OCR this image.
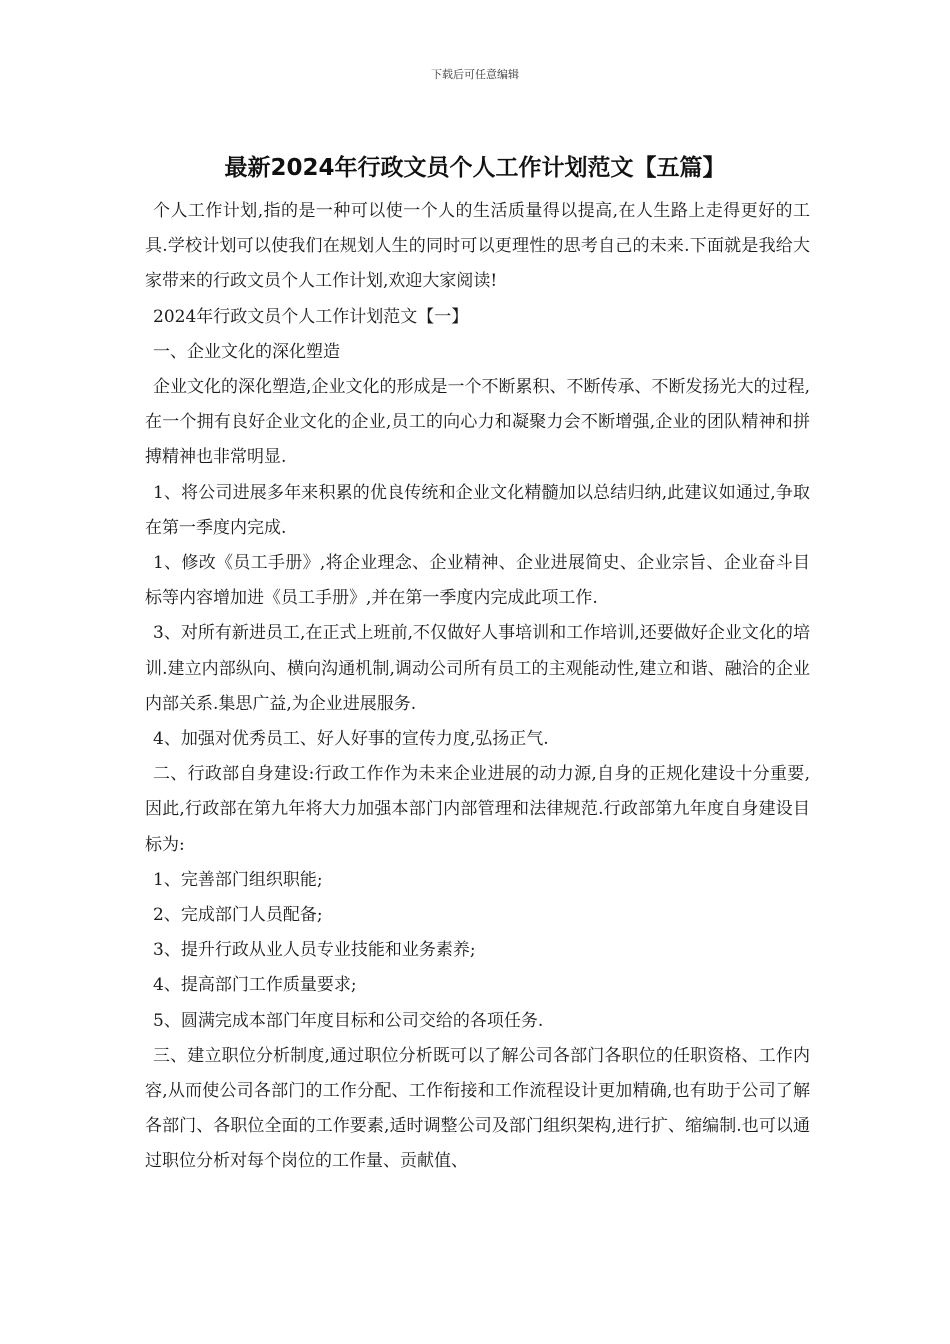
下载后可任意编辑
最新2024年行政文员个人工作计划范文【五篇】

个人工作计划,指的是一种可以使一个人的生活质量得以提高,在人生路上走得更好的工具.学校计划可以使我们在规划人生的同时可以更理性的思考自己的未来.下面就是我给大家带来的行政文员个人工作计划,欢迎大家阅读!

2024年行政文员个人工作计划范文【一】

一、企业文化的深化塑造

企业文化的深化塑造,企业文化的形成是一个不断累积、不断传承、不断发扬光大的过程,在一个拥有良好企业文化的企业,员工的向心力和凝聚力会不断增强,企业的团队精神和拼搏精神也非常明显.

1、将公司进展多年来积累的优良传统和企业文化精髓加以总结归纳,此建议如通过,争取在第一季度内完成.

1、修改《员工手册》,将企业理念、企业精神、企业进展简史、企业宗旨、企业奋斗目标等内容增加进《员工手册》,并在第一季度内完成此项工作.

3、对所有新进员工,在正式上班前,不仅做好人事培训和工作培训,还要做好企业文化的培训.建立内部纵向、横向沟通机制,调动公司所有员工的主观能动性,建立和谐、融洽的企业内部关系.集思广益,为企业进展服务.

4、加强对优秀员工、好人好事的宣传力度,弘扬正气.

二、行政部自身建设:行政工作作为未来企业进展的动力源,自身的正规化建设十分重要,因此,行政部在第九年将大力加强本部门内部管理和法律规范.行政部第九年度自身建设目标为:

1、完善部门组织职能;

2、完成部门人员配备;

3、提升行政从业人员专业技能和业务素养;

4、提高部门工作质量要求;

5、圆满完成本部门年度目标和公司交给的各项任务.

三、建立职位分析制度,通过职位分析既可以了解公司各部门各职位的任职资格、工作内容,从而使公司各部门的工作分配、工作衔接和工作流程设计更加精确,也有助于公司了解各部门、各职位全面的工作要素,适时调整公司及部门组织架构,进行扩、缩编制.也可以通过职位分析对每个岗位的工作量、贡献值、
